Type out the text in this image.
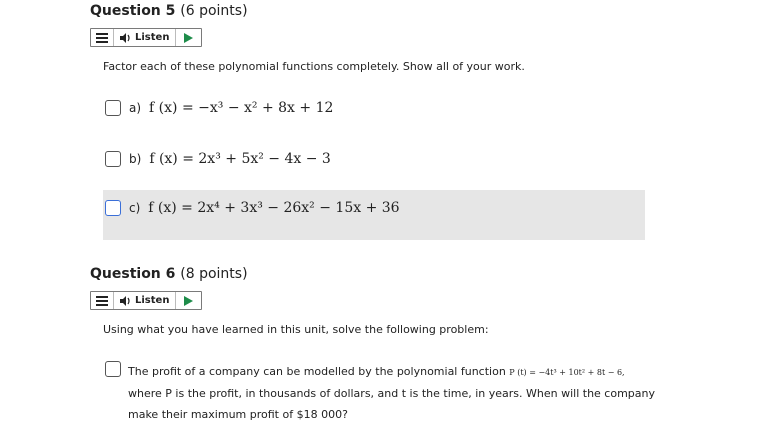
Question 5 (6 points)
Listen
Factor each of these polynomial functions completely. Show all of your work.
a) f (x) = −x³ − x² + 8x + 12
b) f (x) = 2x³ + 5x² − 4x − 3
c) f (x) = 2x⁴ + 3x³ − 26x² − 15x + 36
Question 6 (8 points)
Listen
Using what you have learned in this unit, solve the following problem:
The profit of a company can be modelled by the polynomial function P (t) = −4t³ + 10t² + 8t − 6, where P is the profit, in thousands of dollars, and t is the time, in years. When will the company make their maximum profit of $18 000?
